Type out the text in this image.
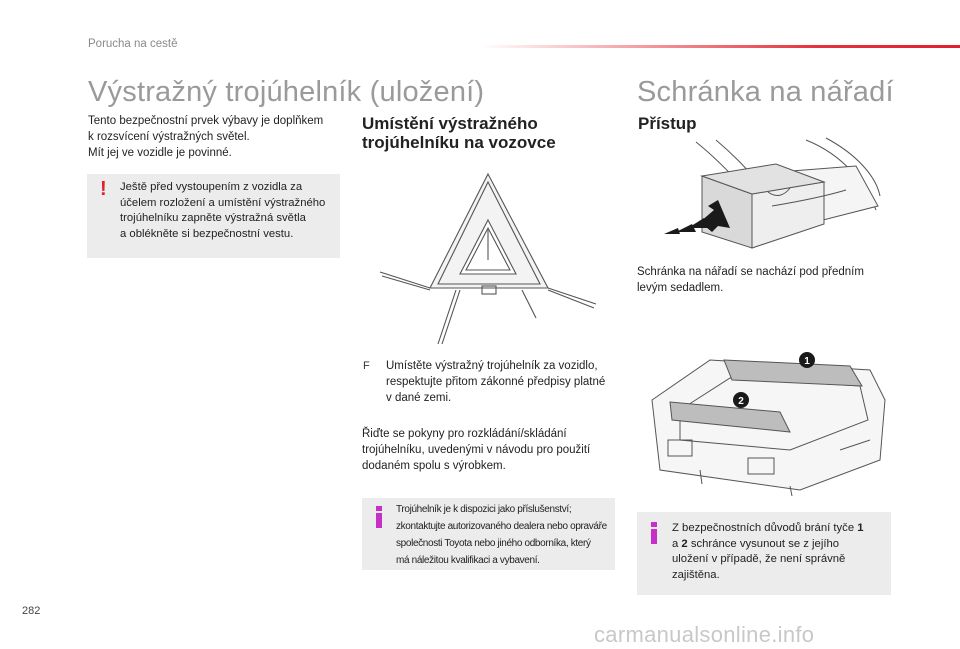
Porucha na cestě
Výstražný trojúhelník (uložení)
Tento bezpečnostní prvek výbavy je doplňkem
k rozsvícení výstražných světel.
Mít jej ve vozidle je povinné.
! Ještě před vystoupením z vozidla za
účelem rozložení a umístění výstražného
trojúhelníku zapněte výstražná světla
a oblékněte si bezpečnostní vestu.
Umístění výstražného
trojúhelníku na vozovce
F Umístěte výstražný trojúhelník za vozidlo,
respektujte přitom zákonné předpisy platné
v dané zemi.
Řiďte se pokyny pro rozkládání/skládání
trojúhelníku, uvedenými v návodu pro použití
dodaném spolu s výrobkem.
Trojúhelník je k dispozici jako příslušenství;
zkontaktujte autorizovaného dealera nebo opraváře
společnosti Toyota nebo jiného odborníka, který
má náležitou kvalifikaci a vybavení.
Schránka na nářadí
Přístup
Schránka na nářadí se nachází pod předním
levým sedadlem.
1
2
Z bezpečnostních důvodů brání tyče 1
a 2 schránce vysunout se z jejího
uložení v případě, že není správně
zajištěna.
282
carmanualsonline.info
